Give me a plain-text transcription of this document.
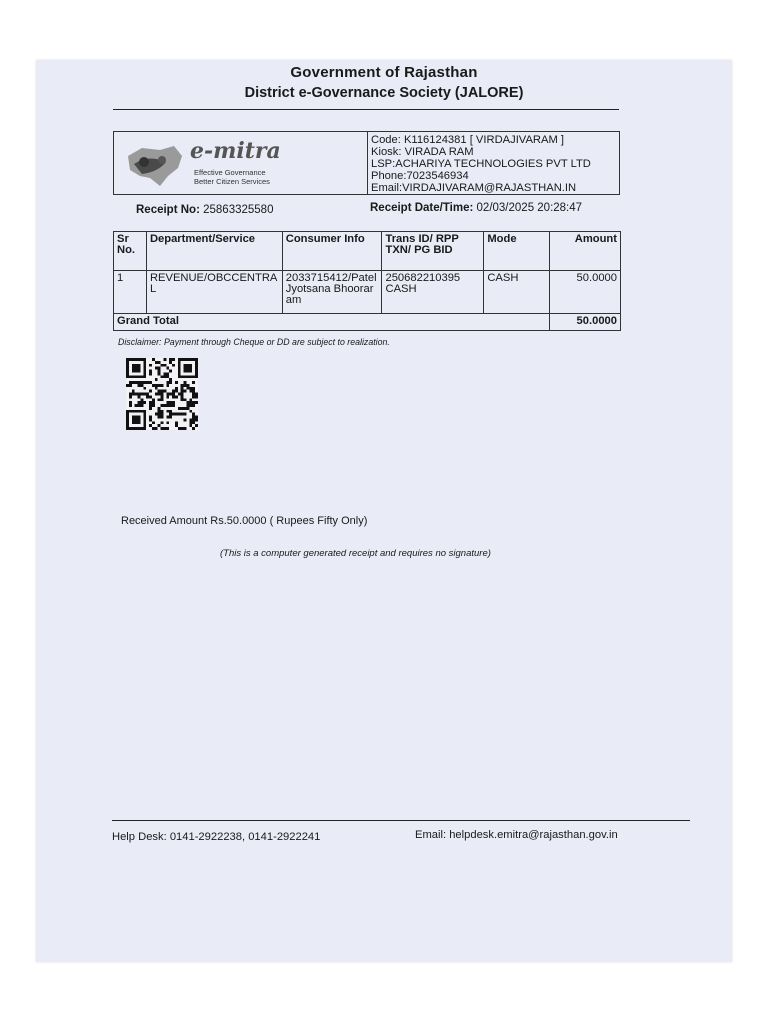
Government of Rajasthan
District e-Governance Society (JALORE)
e-mitra
Effective Governance
Better Citizen Services
Code: K116124381 [ VIRDAJIVARAM ]
Kiosk: VIRADA RAM
LSP:ACHARIYA TECHNOLOGIES PVT LTD
Phone:7023546934
Email:VIRDAJIVARAM@RAJASTHAN.IN
Receipt No: 25863325580	Receipt Date/Time: 02/03/2025 20:28:47
Sr No.	Department/Service	Consumer Info	Trans ID/ RPP TXN/ PG BID	Mode	Amount
1	REVENUE/OBCCENTRAL	2033715412/Patel Jyotsana Bhooraram	250682210395 CASH	CASH	50.0000
Grand Total					50.0000
Disclaimer: Payment through Cheque or DD are subject to realization.
Received Amount Rs.50.0000 ( Rupees Fifty Only)
(This is a computer generated receipt and requires no signature)
Help Desk: 0141-2922238, 0141-2922241	Email: helpdesk.emitra@rajasthan.gov.in
